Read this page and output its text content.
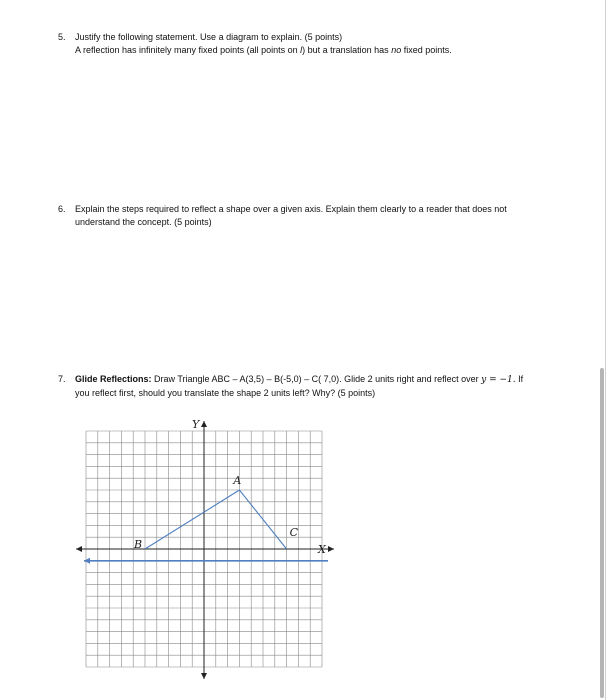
5. Justify the following statement. Use a diagram to explain. (5 points)
A reflection has infinitely many fixed points (all points on l) but a translation has no fixed points.
6. Explain the steps required to reflect a shape over a given axis. Explain them clearly to a reader that does not
understand the concept. (5 points)
7. Glide Reflections: Draw Triangle ABC – A(3,5) – B(-5,0) – C( 7,0). Glide 2 units right and reflect over y = −1. If
you reflect first, should you translate the shape 2 units left? Why? (5 points)
Y
X
A
B
C
